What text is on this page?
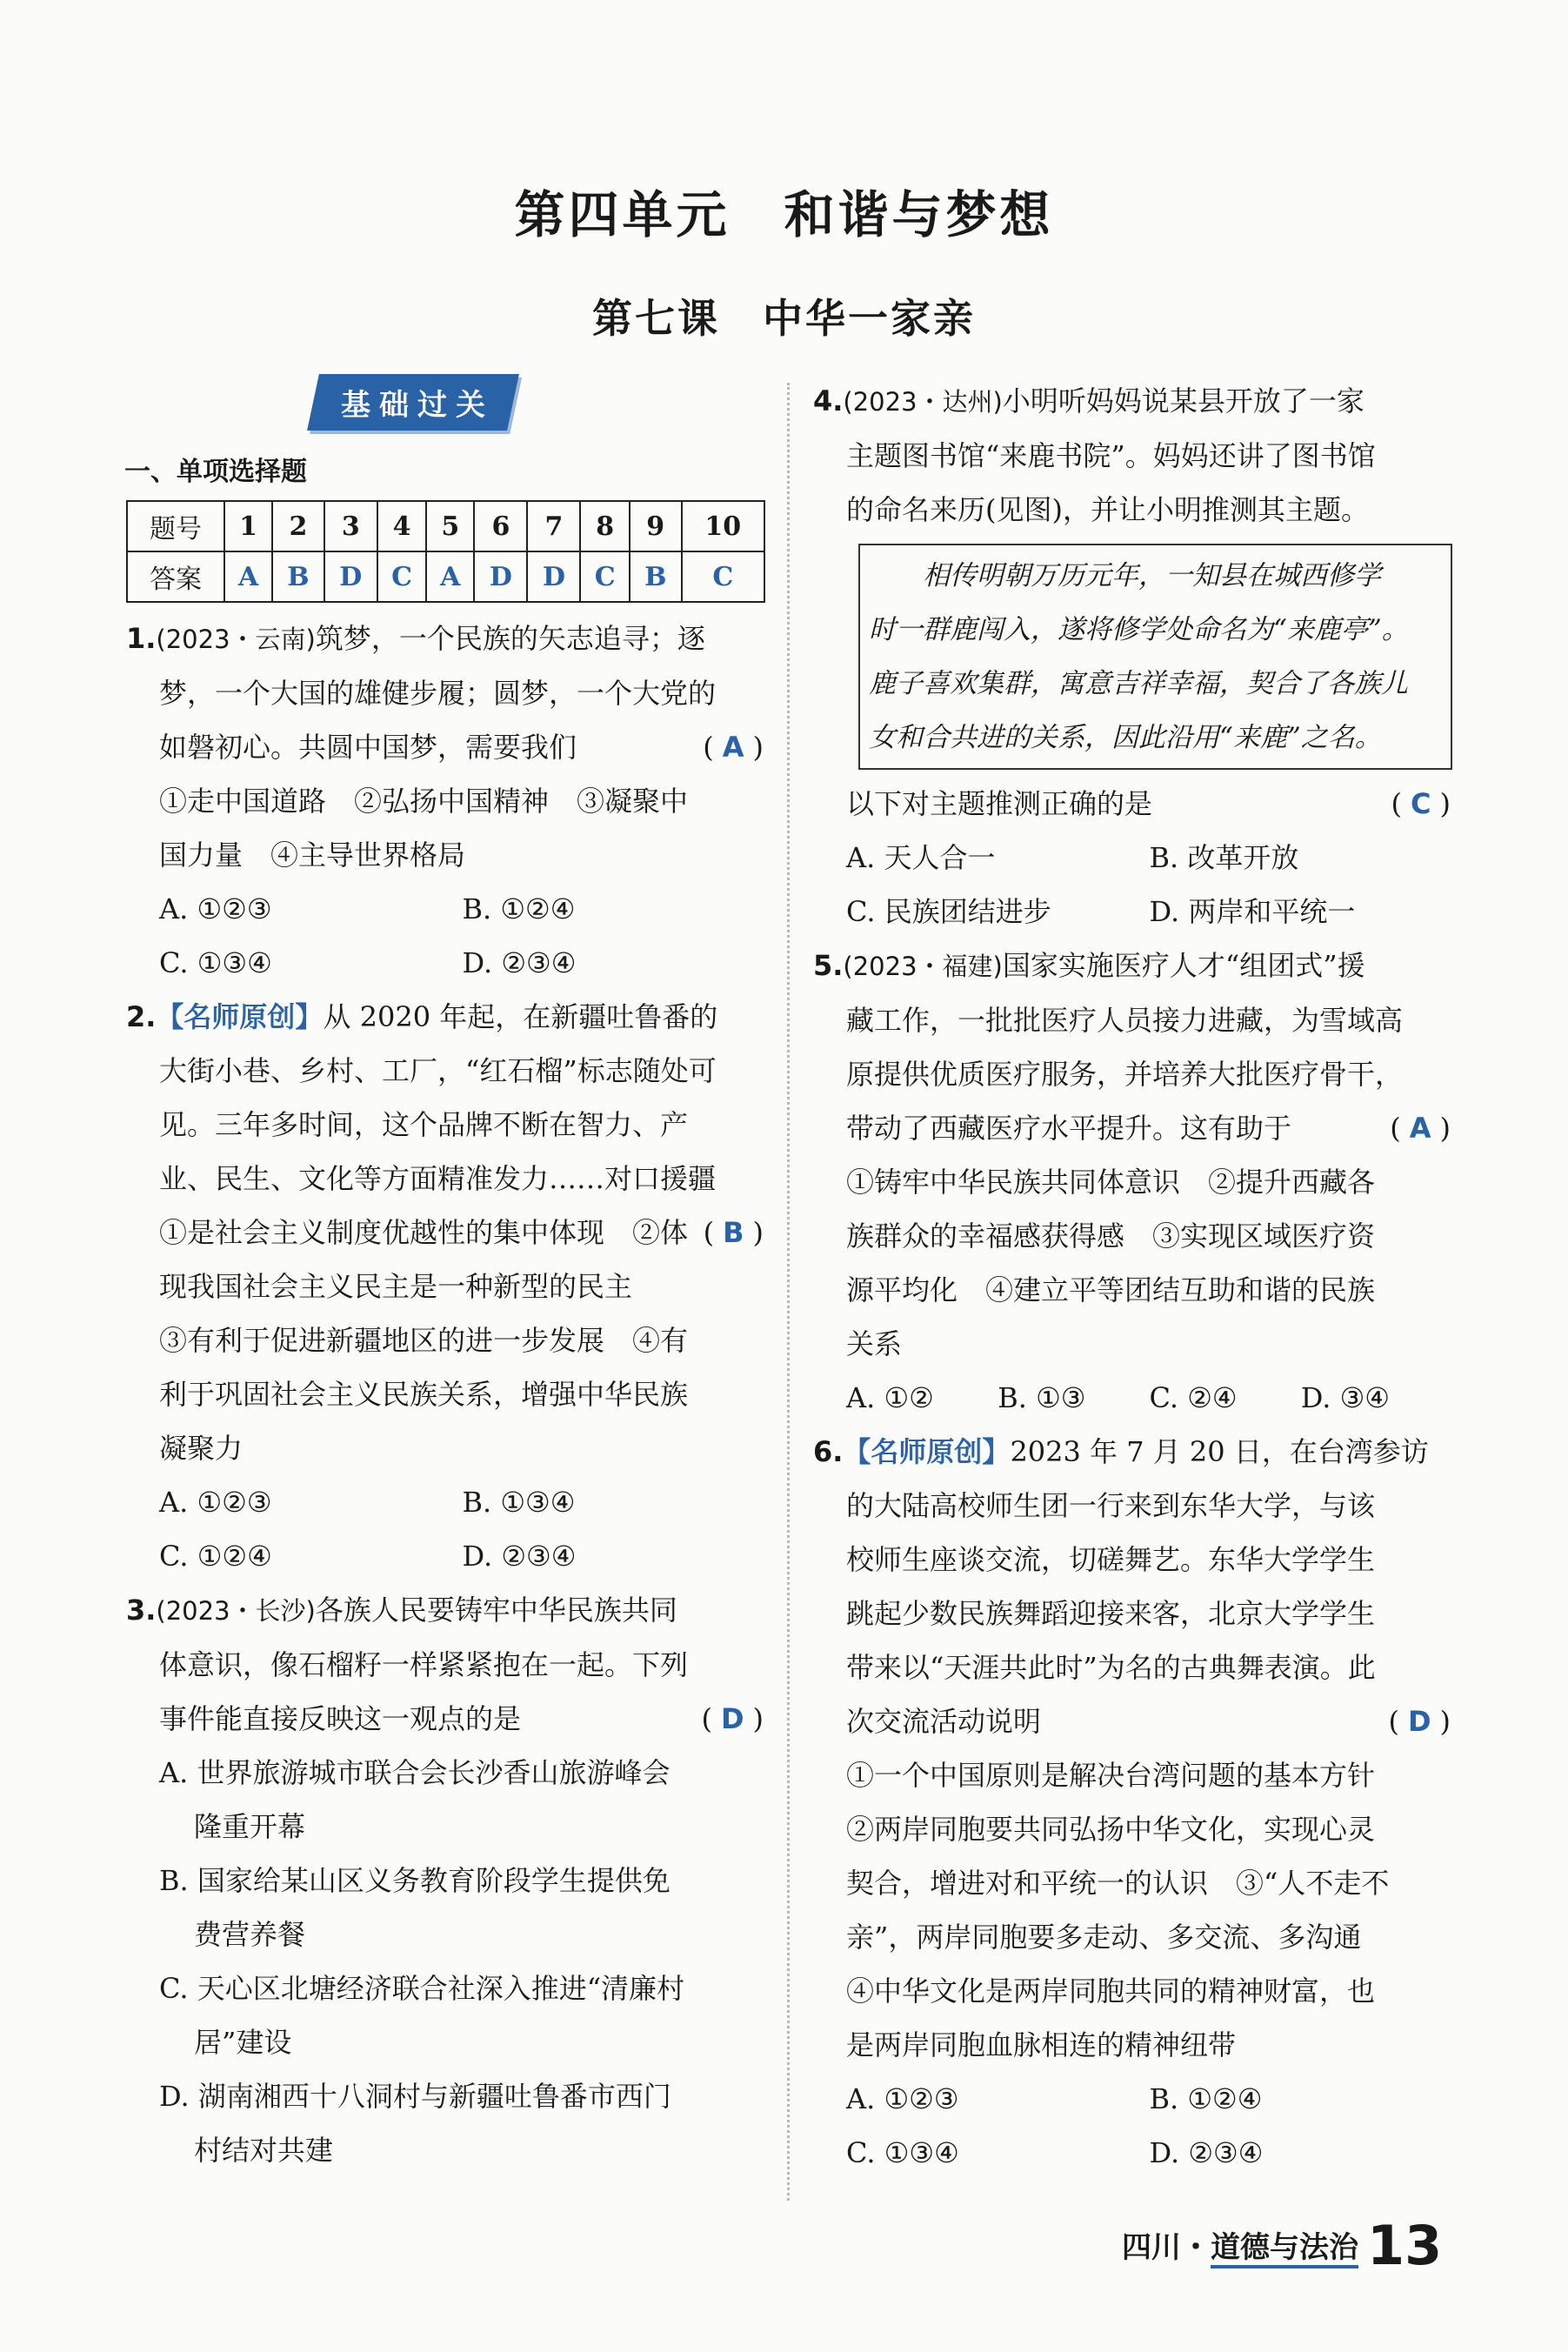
第四单元　和谐与梦想
第七课　中华一家亲
基础过关
一、单项选择题
题号	1	2	3	4	5	6	7	8	9	10
答案	A	B	D	C	A	D	D	C	B	C

1.(2023・云南)筑梦，一个民族的矢志追寻；逐

梦，一个大国的雄健步履；圆梦，一个大党的

如磐初心。共圆中国梦，需要我们	( A )

①走中国道路　②弘扬中国精神　③凝聚中

国力量　④主导世界格局

A. ①②③	B. ①②④

C. ①③④	D. ②③④

2.【名师原创】从 2020 年起，在新疆吐鲁番的

大街小巷、乡村、工厂，“红石榴”标志随处可

见。三年多时间，这个品牌不断在智力、产

业、民生、文化等方面精准发力……对口援疆

( B )

①是社会主义制度优越性的集中体现　②体

现我国社会主义民主是一种新型的民主

③有利于促进新疆地区的进一步发展　④有

利于巩固社会主义民族关系，增强中华民族

凝聚力

A. ①②③	B. ①③④

C. ①②④	D. ②③④

3.(2023・长沙)各族人民要铸牢中华民族共同

体意识，像石榴籽一样紧紧抱在一起。下列

事件能直接反映这一观点的是	( D )

A. 世界旅游城市联合会长沙香山旅游峰会

隆重开幕

B. 国家给某山区义务教育阶段学生提供免

费营养餐

C. 天心区北塘经济联合社深入推进“清廉村

居”建设

D. 湖南湘西十八洞村与新疆吐鲁番市西门

村结对共建

4.(2023・达州)小明听妈妈说某县开放了一家

主题图书馆“来鹿书院”。妈妈还讲了图书馆

的命名来历(见图)，并让小明推测其主题。

相传明朝万历元年，一知县在城西修学
时一群鹿闯入，遂将修学处命名为“来鹿亭”。
鹿子喜欢集群，寓意吉祥幸福，契合了各族儿
女和合共进的关系，因此沿用“来鹿”之名。

以下对主题推测正确的是	( C )

A. 天人合一	B. 改革开放

C. 民族团结进步	D. 两岸和平统一

5.(2023・福建)国家实施医疗人才“组团式”援

藏工作，一批批医疗人员接力进藏，为雪域高

原提供优质医疗服务，并培养大批医疗骨干，

带动了西藏医疗水平提升。这有助于	( A )

①铸牢中华民族共同体意识　②提升西藏各

族群众的幸福感获得感　③实现区域医疗资

源平均化　④建立平等团结互助和谐的民族

关系

A. ①②	B. ①③	C. ②④	D. ③④

6.【名师原创】2023 年 7 月 20 日，在台湾参访

的大陆高校师生团一行来到东华大学，与该

校师生座谈交流，切磋舞艺。东华大学学生

跳起少数民族舞蹈迎接来客，北京大学学生

带来以“天涯共此时”为名的古典舞表演。此

次交流活动说明	( D )

①一个中国原则是解决台湾问题的基本方针

②两岸同胞要共同弘扬中华文化，实现心灵

契合，增进对和平统一的认识　③“人不走不

亲”，两岸同胞要多走动、多交流、多沟通

④中华文化是两岸同胞共同的精神财富，也

是两岸同胞血脉相连的精神纽带

A. ①②③	B. ①②④

C. ①③④	D. ②③④

四川・道德与法治 13
